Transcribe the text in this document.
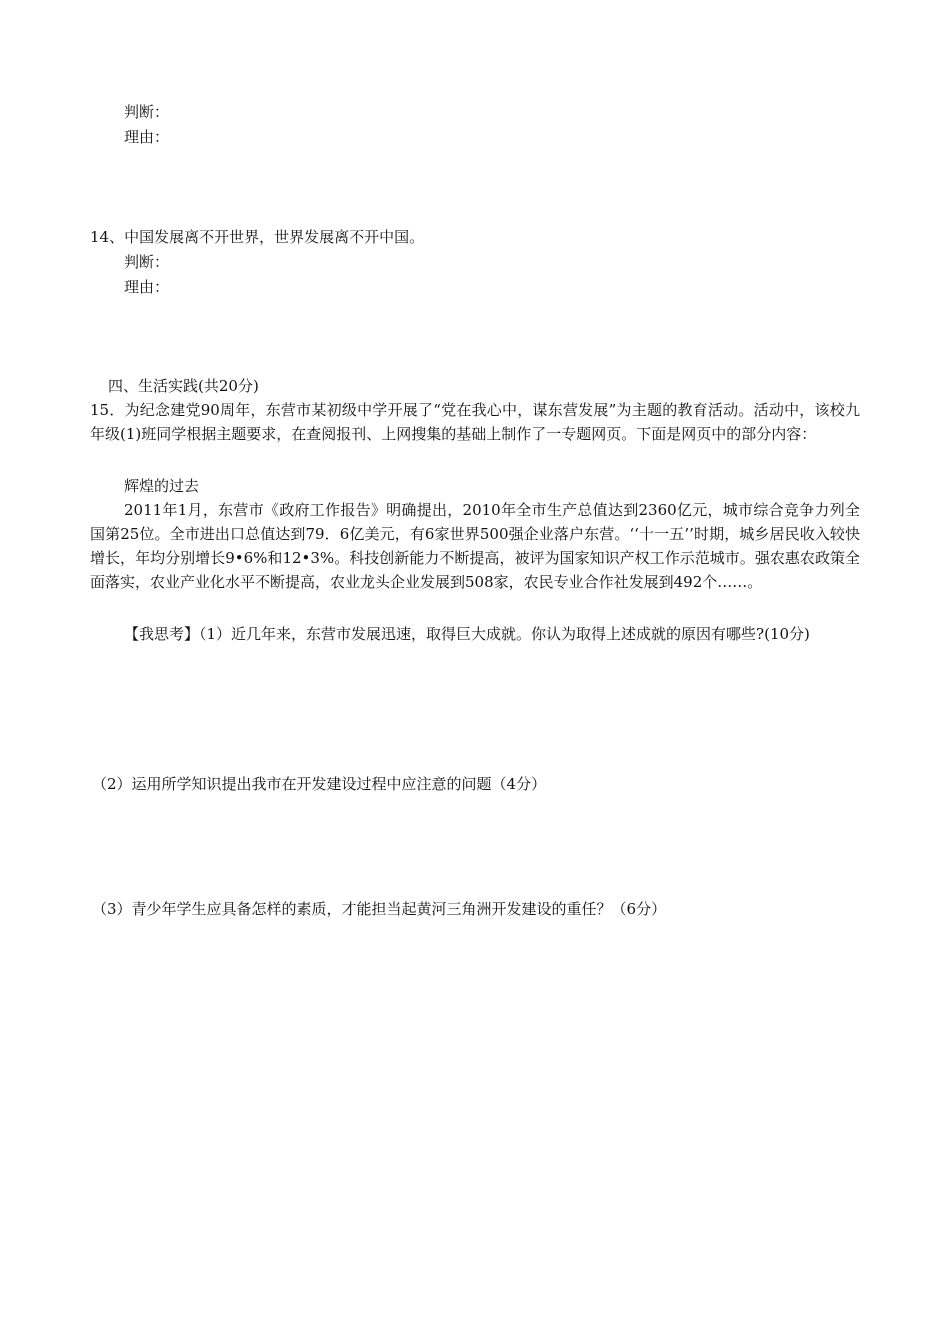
判断：
理由：
14、中国发展离不开世界，世界发展离不开中国。
判断：
理由：
四、生活实践(共20分)
15．为纪念建党90周年，东营市某初级中学开展了“党在我心中，谋东营发展”为主题的教育活动。活动中，该校九年级(1)班同学根据主题要求，在查阅报刊、上网搜集的基础上制作了一专题网页。下面是网页中的部分内容：
辉煌的过去
2011年1月，东营市《政府工作报告》明确提出，2010年全市生产总值达到2360亿元，城市综合竞争力列全国第25位。全市进出口总值达到79．6亿美元，有6家世界500强企业落户东营。‘‘十一五’’时期，城乡居民收入较快增长，年均分别增长9•6%和12•3%。科技创新能力不断提高，被评为国家知识产权工作示范城市。强农惠农政策全面落实，农业产业化水平不断提高，农业龙头企业发展到508家，农民专业合作社发展到492个……。
【我思考】（1）近几年来，东营市发展迅速，取得巨大成就。你认为取得上述成就的原因有哪些?(10分)
（2）运用所学知识提出我市在开发建设过程中应注意的问题（4分）
（3）青少年学生应具备怎样的素质，才能担当起黄河三角洲开发建设的重任？（6分）
